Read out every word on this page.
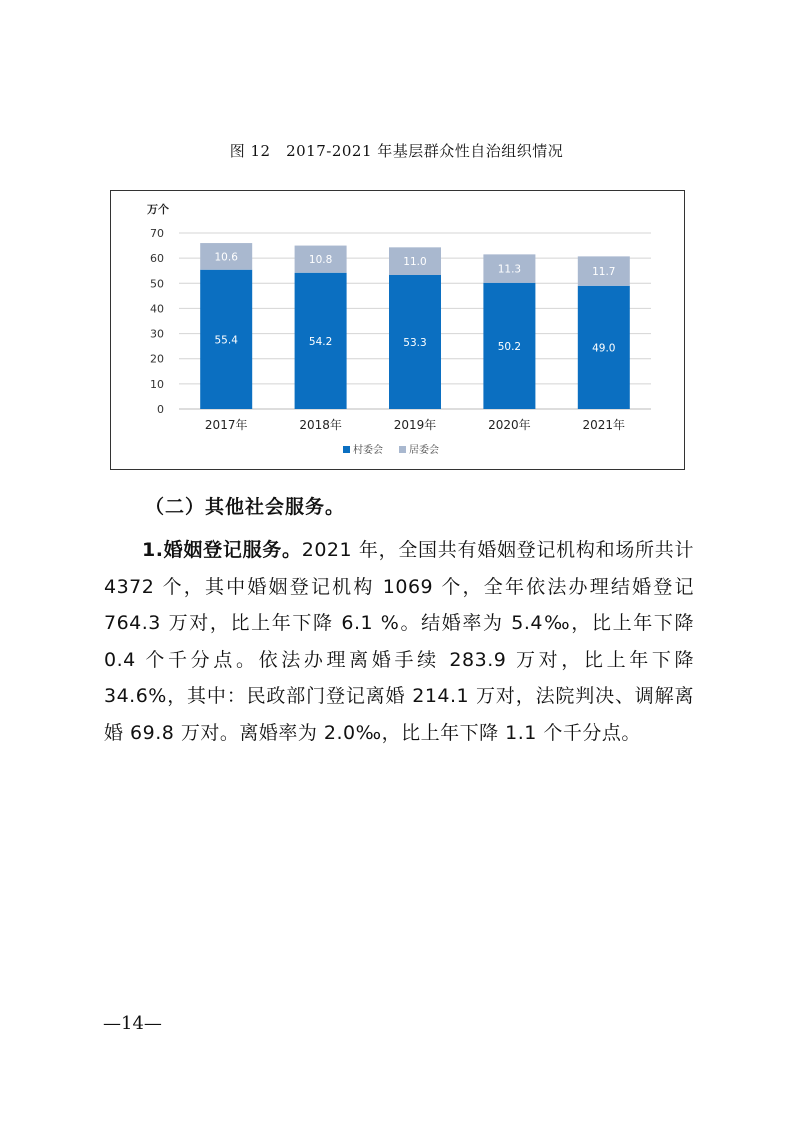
图 12　2017-2021 年基层群众性自治组织情况
万个
0
10
20
30
40
50
60
70
55.4
10.6
2017年
54.2
10.8
2018年
53.3
11.0
2019年
50.2
11.3
2020年
49.0
11.7
2021年
村委会	居委会
（二）其他社会服务。
1.婚姻登记服务。2021 年，全国共有婚姻登记机构和场所共计 4372 个，其中婚姻登记机构 1069 个，全年依法办理结婚登记 764.3 万对，比上年下降 6.1 %。结婚率为 5.4‰，比上年下降 0.4 个千分点。依法办理离婚手续 283.9 万对，比上年下降 34.6%，其中：民政部门登记离婚 214.1 万对，法院判决、调解离婚 69.8 万对。离婚率为 2.0‰，比上年下降 1.1 个千分点。
—14—
